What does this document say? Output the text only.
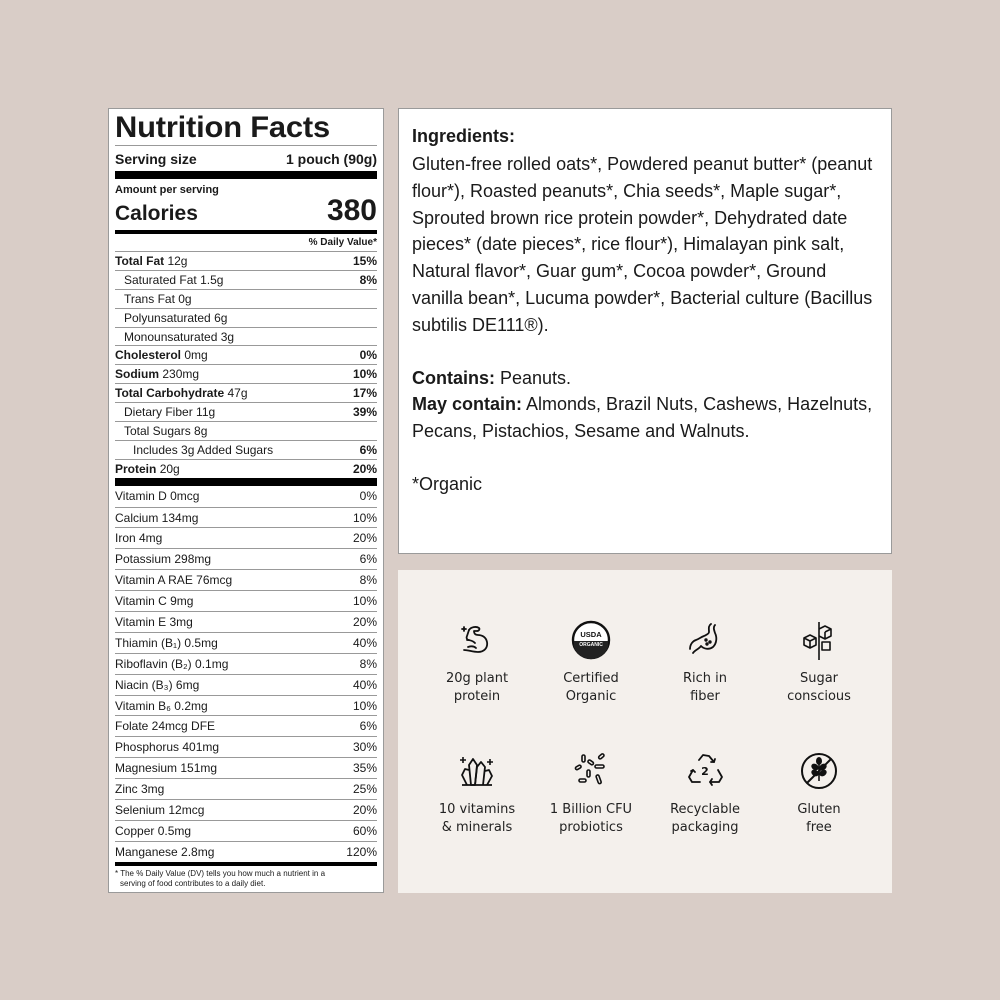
Nutrition Facts
Serving size	1 pouch (90g)
Amount per serving
Calories	380
% Daily Value*
Total Fat 12g	15%
Saturated Fat 1.5g	8%
Trans Fat 0g
Polyunsaturated 6g
Monounsaturated 3g
Cholesterol 0mg	0%
Sodium 230mg	10%
Total Carbohydrate 47g	17%
Dietary Fiber 11g	39%
Total Sugars 8g
Includes 3g Added Sugars	6%
Protein 20g	20%
Vitamin D 0mcg	0%
Calcium 134mg	10%
Iron 4mg	20%
Potassium 298mg	6%
Vitamin A RAE 76mcg	8%
Vitamin C 9mg	10%
Vitamin E 3mg	20%
Thiamin (B₁) 0.5mg	40%
Riboflavin (B₂) 0.1mg	8%
Niacin (B₃) 6mg	40%
Vitamin B₆ 0.2mg	10%
Folate 24mcg DFE	6%
Phosphorus 401mg	30%
Magnesium 151mg	35%
Zinc 3mg	25%
Selenium 12mcg	20%
Copper 0.5mg	60%
Manganese 2.8mg	120%
* The % Daily Value (DV) tells you how much a nutrient in a
serving of food contributes to a daily diet.
Ingredients:

Gluten-free rolled oats*, Powdered peanut butter* (peanut flour*), Roasted peanuts*, Chia seeds*, Maple sugar*, Sprouted brown rice protein powder*, Dehydrated date pieces* (date pieces*, rice flour*), Himalayan pink salt, Natural flavor*, Guar gum*, Cocoa powder*, Ground vanilla bean*, Lucuma powder*, Bacterial culture (Bacillus subtilis DE111®).

Contains: Peanuts.

May contain: Almonds, Brazil Nuts, Cashews, Hazelnuts, Pecans, Pistachios, Sesame and Walnuts.

*Organic

20g plant
protein
USDA
ORGANIC
Certified
Organic
Rich in
fiber
Sugar
conscious
10 vitamins
& minerals
1 Billion CFU
probiotics
2
Recyclable
packaging
Gluten
free
